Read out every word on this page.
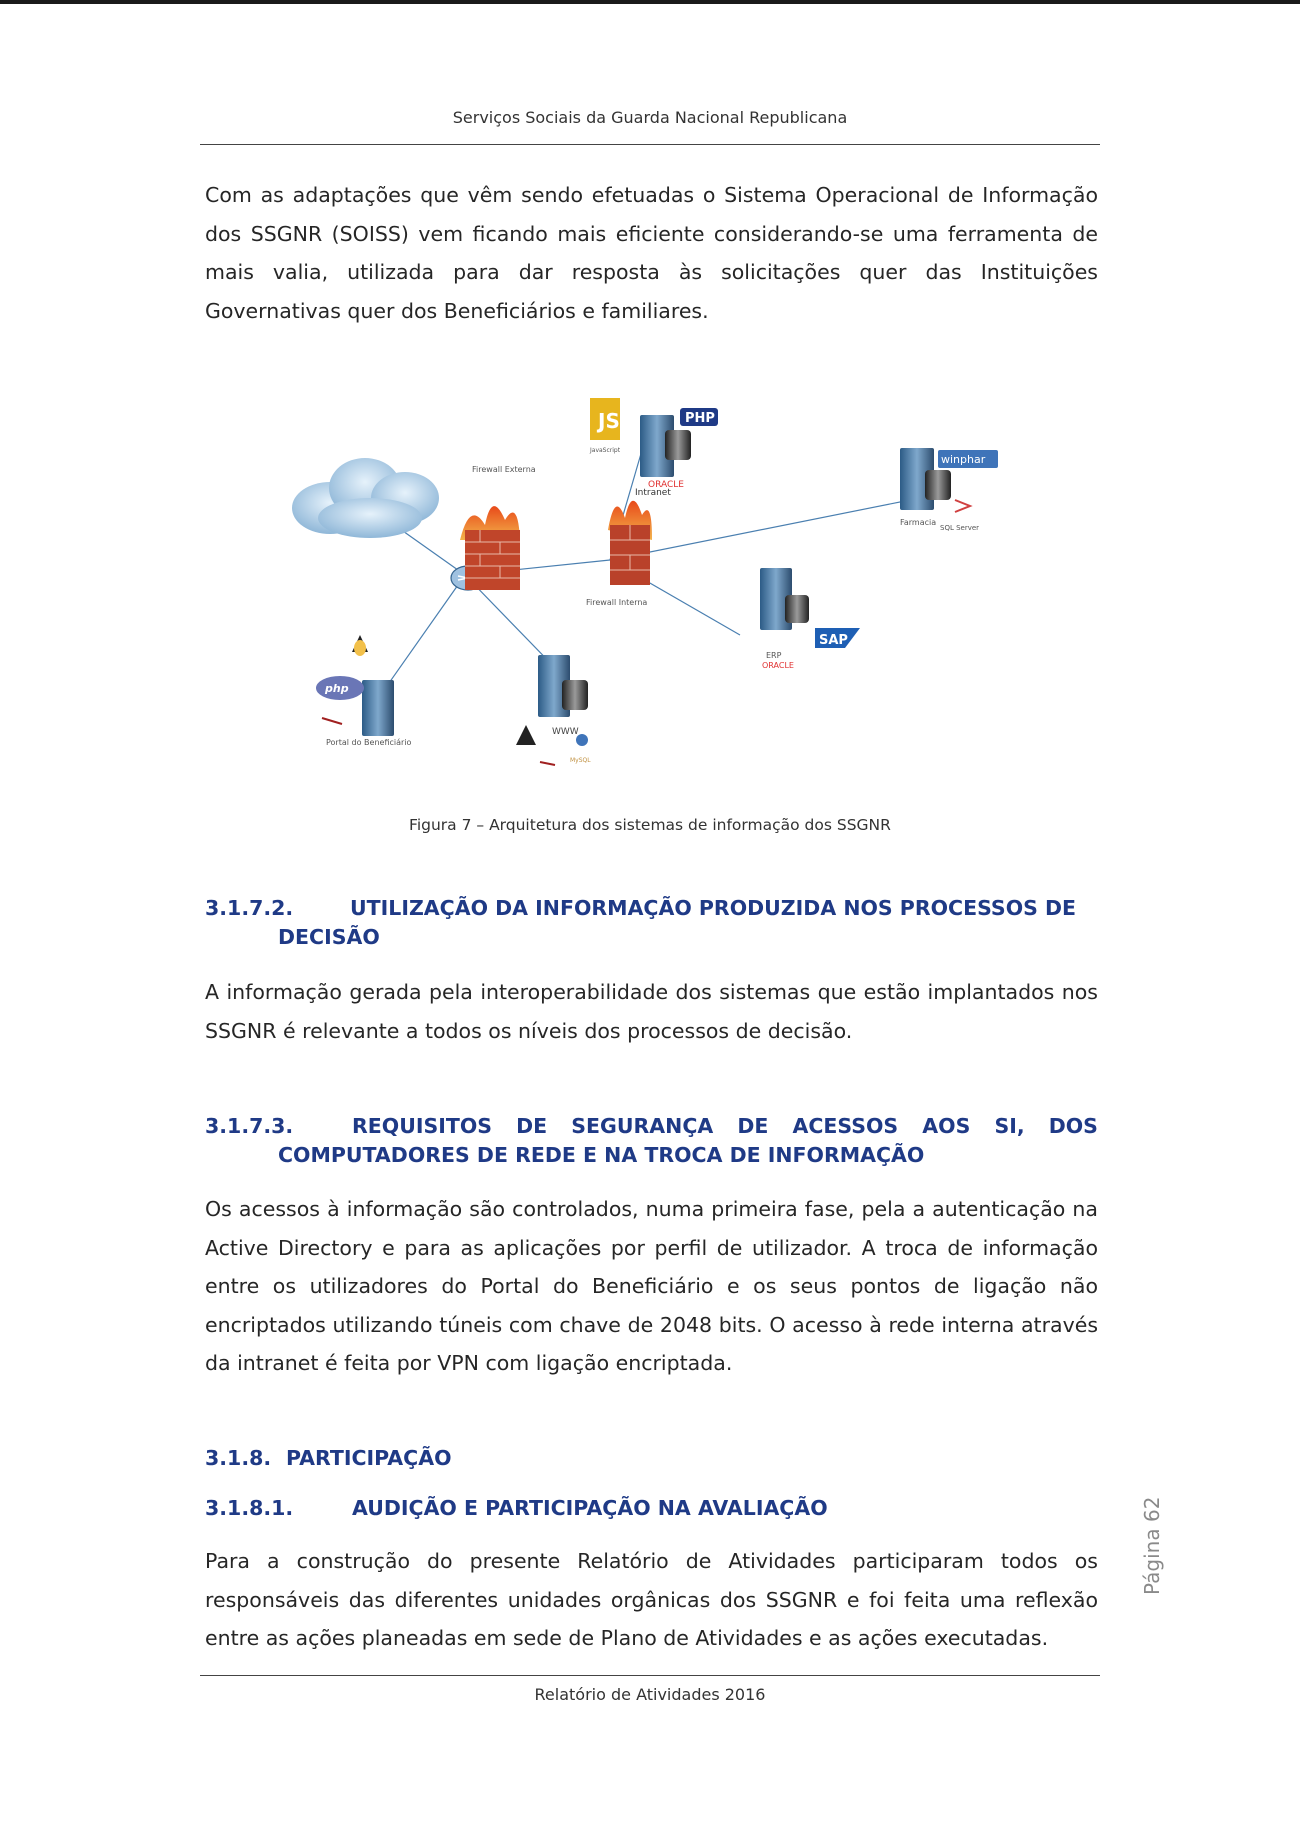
Serviços Sociais da Guarda Nacional Republicana

Com as adaptações que vêm sendo efetuadas o Sistema Operacional de Informação dos SSGNR (SOISS) vem ficando mais eficiente considerando-se uma ferramenta de mais valia, utilizada para dar resposta às solicitações quer das Instituições Governativas quer dos Beneficiários e familiares.

Firewall Externa
Firewall Interna
JS	PHP
JavaScript
ORACLE
Intranet
winphar
Farmacia
SQL Server
SAP
ERP
ORACLE
WWW
MySQL
php
Portal do Beneficiário
Figura 7 – Arquitetura dos sistemas de informação dos SSGNR
3.1.7.2.	UTILIZAÇÃO DA INFORMAÇÃO PRODUZIDA NOS PROCESSOS DE
DECISÃO

A informação gerada pela interoperabilidade dos sistemas que estão implantados nos SSGNR é relevante a todos os níveis dos processos de decisão.

3.1.7.3.	REQUISITOS DE SEGURANÇA DE ACESSOS AOS SI, DOS
COMPUTADORES DE REDE E NA TROCA DE INFORMAÇÃO

Os acessos à informação são controlados, numa primeira fase, pela a autenticação na Active Directory e para as aplicações por perfil de utilizador. A troca de informação entre os utilizadores do Portal do Beneficiário e os seus pontos de ligação não encriptados utilizando túneis com chave de 2048 bits. O acesso à rede interna através da intranet é feita por VPN com ligação encriptada.

3.1.8. PARTICIPAÇÃO
3.1.8.1.	AUDIÇÃO E PARTICIPAÇÃO NA AVALIAÇÃO

Para a construção do presente Relatório de Atividades participaram todos os responsáveis das diferentes unidades orgânicas dos SSGNR e foi feita uma reflexão entre as ações planeadas em sede de Plano de Atividades e as ações executadas.

Página 62
Relatório de Atividades 2016
